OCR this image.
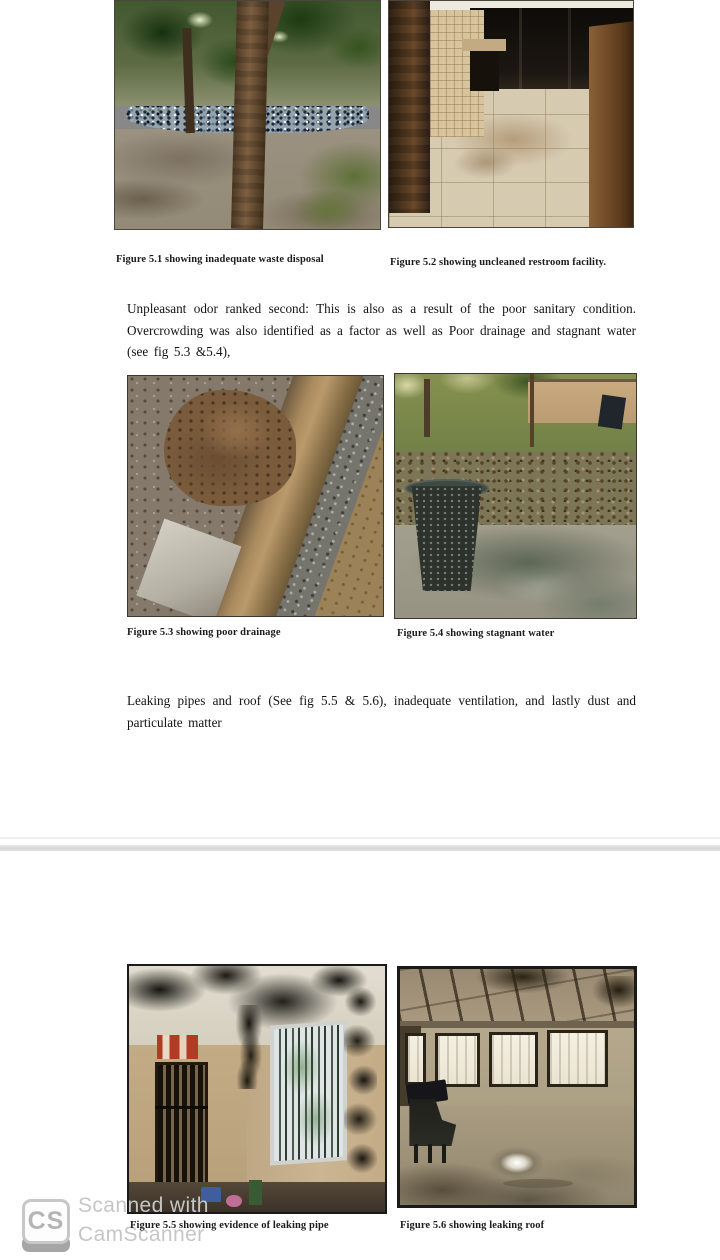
Figure 5.1 showing inadequate waste disposal	Figure 5.2 showing uncleaned restroom facility.

Unpleasant odor ranked second: This is also as a result of the poor sanitary condition. Overcrowding was also identified as a factor as well as Poor drainage and stagnant water (see fig 5.3 &5.4),

Figure 5.3 showing poor drainage	Figure 5.4 showing stagnant water

Leaking pipes and roof (See fig 5.5 & 5.6), inadequate ventilation, and lastly dust and particulate matter

Figure 5.5 showing evidence of leaking pipe	Figure 5.6 showing leaking roof
CS
Scanned with
CamScanner
